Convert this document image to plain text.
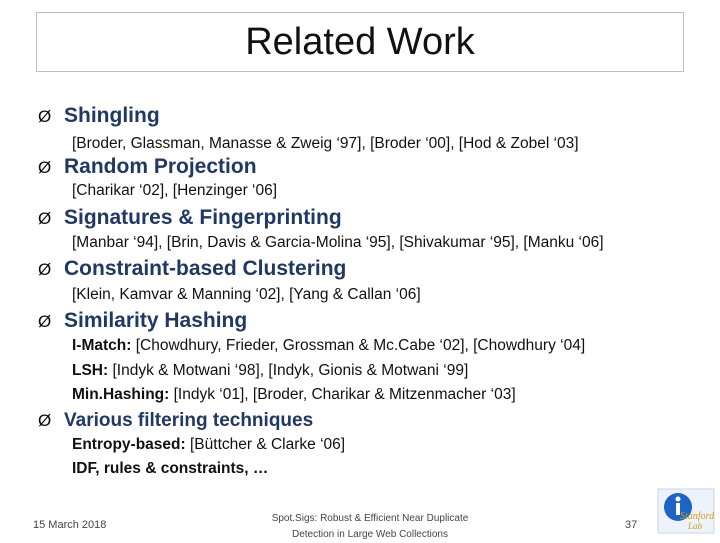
Related Work
Ø Shingling
[Broder, Glassman, Manasse & Zweig ‘97], [Broder ‘00], [Hod & Zobel ‘03]
Ø Random Projection
[Charikar ‘02], [Henzinger ‘06]
Ø Signatures & Fingerprinting
[Manbar ‘94], [Brin, Davis & Garcia-Molina ‘95], [Shivakumar ‘95], [Manku ‘06]
Ø Constraint-based Clustering
[Klein, Kamvar & Manning ‘02], [Yang & Callan ‘06]
Ø Similarity Hashing
I-Match: [Chowdhury, Frieder, Grossman & Mc.Cabe ‘02], [Chowdhury ‘04]
LSH: [Indyk & Motwani ‘98], [Indyk, Gionis & Motwani ‘99]
Min.Hashing: [Indyk ‘01], [Broder, Charikar & Mitzenmacher ‘03]
Ø Various filtering techniques
Entropy-based: [Büttcher & Clarke ‘06]
IDF, rules & constraints, …
15 March 2018
Spot.Sigs: Robust & Efficient Near Duplicate
Detection in Large Web Collections
37
Stanford
Lab
